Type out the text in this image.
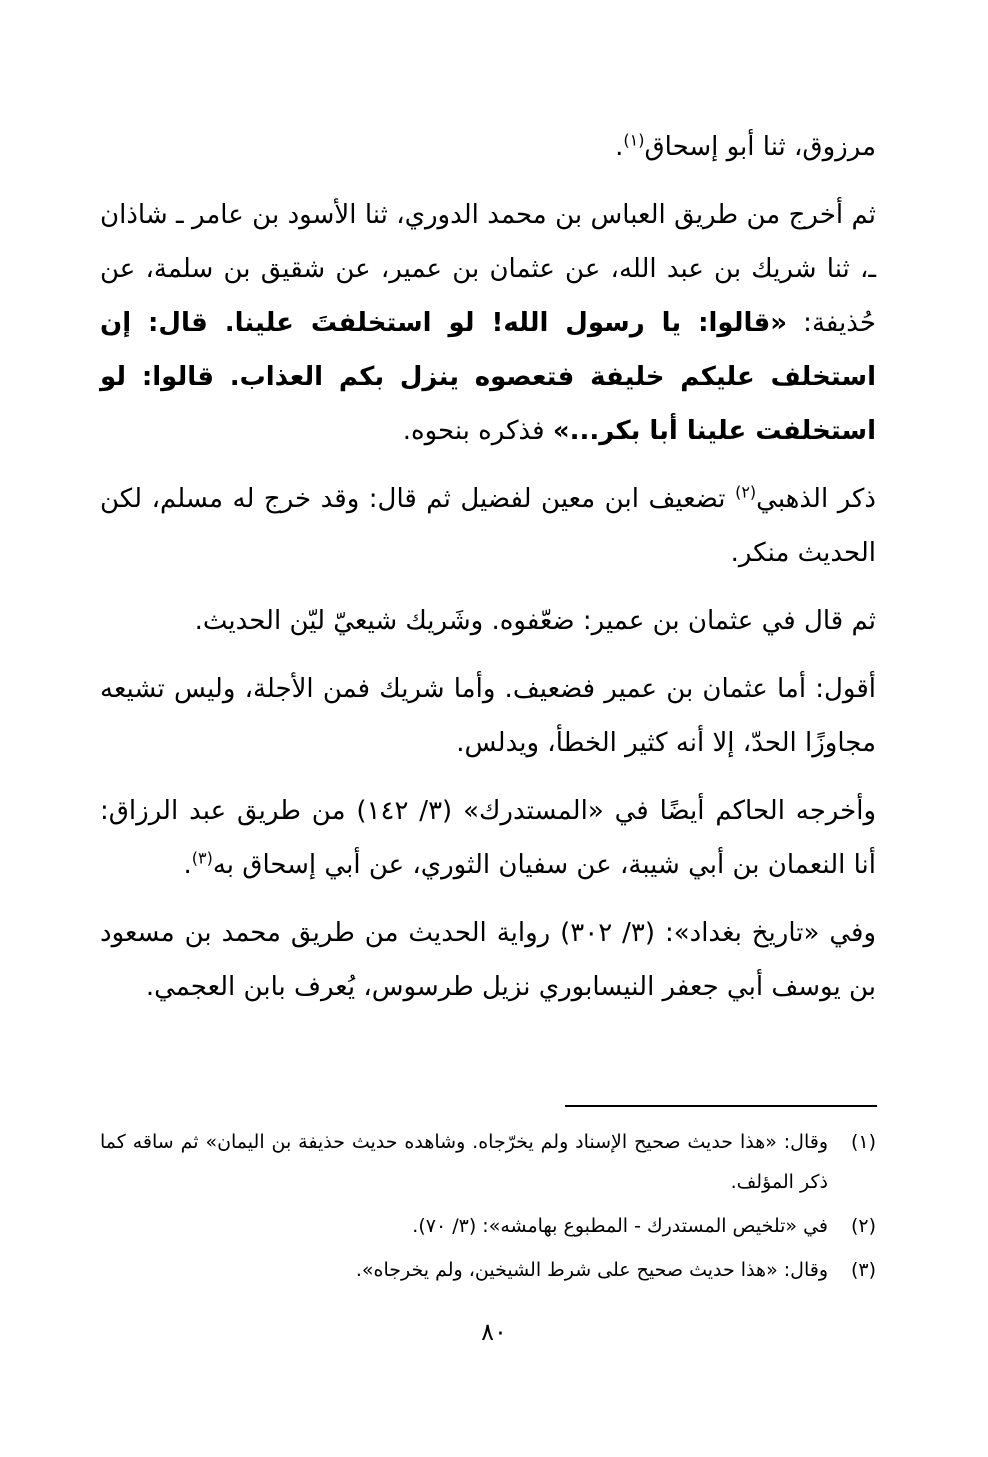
مرزوق، ثنا أبو إسحاق$^{(١)}$.

ثم أخرج من طريق العباس بن محمد الدوري، ثنا الأسود بن عامر ـ شاذان ـ، ثنا شريك بن عبد الله، عن عثمان بن عمير، عن شقيق بن سلمة، عن حُذيفة: «قالوا: يا رسول الله! لو استخلفتَ علينا. قال: إن استخلف عليكم خليفة فتعصوه ينزل بكم العذاب. قالوا: لو استخلفت علينا أبا بكر...» فذكره بنحوه.

ذكر الذهبي$^{(٢)}$ تضعيف ابن معين لفضيل ثم قال: وقد خرج له مسلم، لكن الحديث منكر.

ثم قال في عثمان بن عمير: ضعّفوه. وشَريك شيعيّ ليّن الحديث.

أقول: أما عثمان بن عمير فضعيف. وأما شريك فمن الأجلة، وليس تشيعه مجاوزًا الحدّ، إلا أنه كثير الخطأ، ويدلس.

وأخرجه الحاكم أيضًا في «المستدرك» (٣/ ١٤٢) من طريق عبد الرزاق: أنا النعمان بن أبي شيبة، عن سفيان الثوري، عن أبي إسحاق به$^{(٣)}$.

وفي «تاريخ بغداد»: (٣/ ٣٠٢) رواية الحديث من طريق محمد بن مسعود بن يوسف أبي جعفر النيسابوري نزيل طرسوس، يُعرف بابن العجمي.

(١)
وقال: «هذا حديث صحيح الإسناد ولم يخرّجاه. وشاهده حديث حذيفة بن اليمان» ثم ساقه كما ذكر المؤلف.
(٢)
في «تلخيص المستدرك - المطبوع بهامشه»: (٣/ ٧٠).
(٣)
وقال: «هذا حديث صحيح على شرط الشيخين، ولم يخرجاه».
٨٠
